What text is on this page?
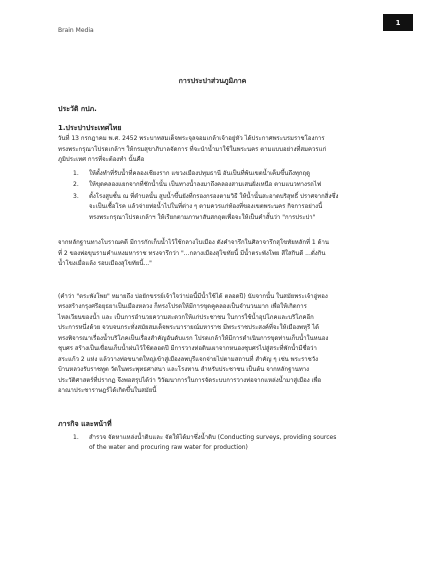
Brain Media
1
การประปาส่วนภูมิภาค
ประวัติ กปภ.
1.ประปาประเทศไทย
วันที่ 13 กรกฎาคม พ.ศ. 2452 พระบาทสมเด็จพระจุลจอมเกล้าเจ้าอยู่หัว ได้ประกาศพระบรมราชโองการ
ทรงพระกรุณาโปรดเกล้าฯ ให้กรมสุขาภิบาลจัดการ ที่จะนำน้ำมาใช้ในพระนคร ตามแบบอย่างที่สมควรแก่
ภูมิประเทศ การที่จะต้องทำ นั้นคือ
1. ให้ตั้งทำที่รับน้ำที่คลองเชียงราก แขวงเมืองปทุมธานี อันเป็นที่พ้นเขตน้ำเค็มขึ้นถึงทุกฤดู
2. ให้ขุดคลองแยกจากที่ชักน้ำนั้น เป็นทางน้ำลงมาถึงคลองสามเสนฝั่งเหนือ ตามแนวทางรถไฟ
3. ตั้งโรงสูบชั้น ณ ที่ตำบลนั้น สูบน้ำขึ้นยังที่กรองกรองตามวิธี ให้น้ำนั้นสะอาดบริสุทธิ์ ปราศจากสิ่งซึ่ง
จะเป็นเชื้อโรค แล้วจ่ายท่อน้ำไปในที่ต่าง ๆ ตามควรแก่ท้องที่ของเขตพระนคร กิจการอย่างนี้
ทรงพระกรุณาโปรดเกล้าฯ ให้เรียกตามภาษาสันสกฤตเพื่อจะให้เป็นคำสั้นว่า "การประปา"
จากหลักฐานทางโบราณคดี มีการกักเก็บน้ำไว้ใช้กลางโบเมือง ดังคำจารึกในศิลาจารึกสุโขทัยหลักที่ 1 ด้าน
ที่ 2 ของพ่อขุนรามคำแหงมหาราช ทรงจารึกว่า "...กลางเมืองสุโขทัยนี้ มีน้ำตระพังโพย สีใสกินดี ...ดั่งกิน
น้ำโขงเมื่อแล้ง รอบเมืองสุโขทัยนี้..."
(คำว่า "ตระพังโพย" หมายถึง บ่อยักขรรย์เจ้าใจว่าบ่อนี้มีน้ำใช้ได้ ตลอดปี) นับจากนั้น ในสมัยพระเจ้าอู่ทอง
ทรงสร้างกรุงศรีอยุธยาเป็นเมืองหลวง ก็ทรงโปรดให้มีการขุดคูคลองเป็นจำนวนมาก เพื่อให้เกิดการ
ไหลเวียนของน้ำ และ เป็นการอำนวยความสะดวกให้แก่ประชาชน ในการใช้น้ำอุปโภคและบริโภคอีก
ประการหนึ่งด้วย จวบจนกระทั่งสมัยสมเด็จพระนารายณ์มหาราช มีพระราชประสงค์ที่จะให้เมืองพหุรี ได้
ทรงพิจารณาเรื่องน้ำบริโภคเป็นเรื่องสำคัญอันดับแรก โปรดเกล้าให้มีการดำเนินการขุดท่านเก็บน้ำในหนอง
ชุบศร สร้างเป็นเขื่อนเก็บน้ำฝนไว้ใช้ตลอดปี มีการวางท่อดินเผาจากหนองชุบศรไปสู่สระที่พักน้ำมีชื่อว่า
สระแก้ว 2 แห่ง แล้ววางท่อขนาดใหญ่เข้าสู่เมืองลพบุรีแจกจ่ายไปตามสถานที่ สำคัญ ๆ เช่น พระราชวัง
บ้านหลวงรับราชทูต วัดในพระพุทธศาสนา และโรงทาน สำหรับประชาชน เป็นต้น จากหลักฐานทาง
ประวัติศาสตร์ที่ปรากฏ จึงพอสรุปได้ว่า วิวัฒนาการในการจัดระบบการวางท่อจากแหล่งน้ำมาสู่เมือง เพื่อ
อาณาประชาราษฎร์ได้เกิดขึ้นในสมัยนี้
ภารกิจ และหน้าที่
1. สำรวจ จัดหาแหล่งน้ำดิบและ จัดให้ได้มาซึ่งน้ำดิบ (Conducting surveys, providing sources
of the water and procuring raw water for production)
